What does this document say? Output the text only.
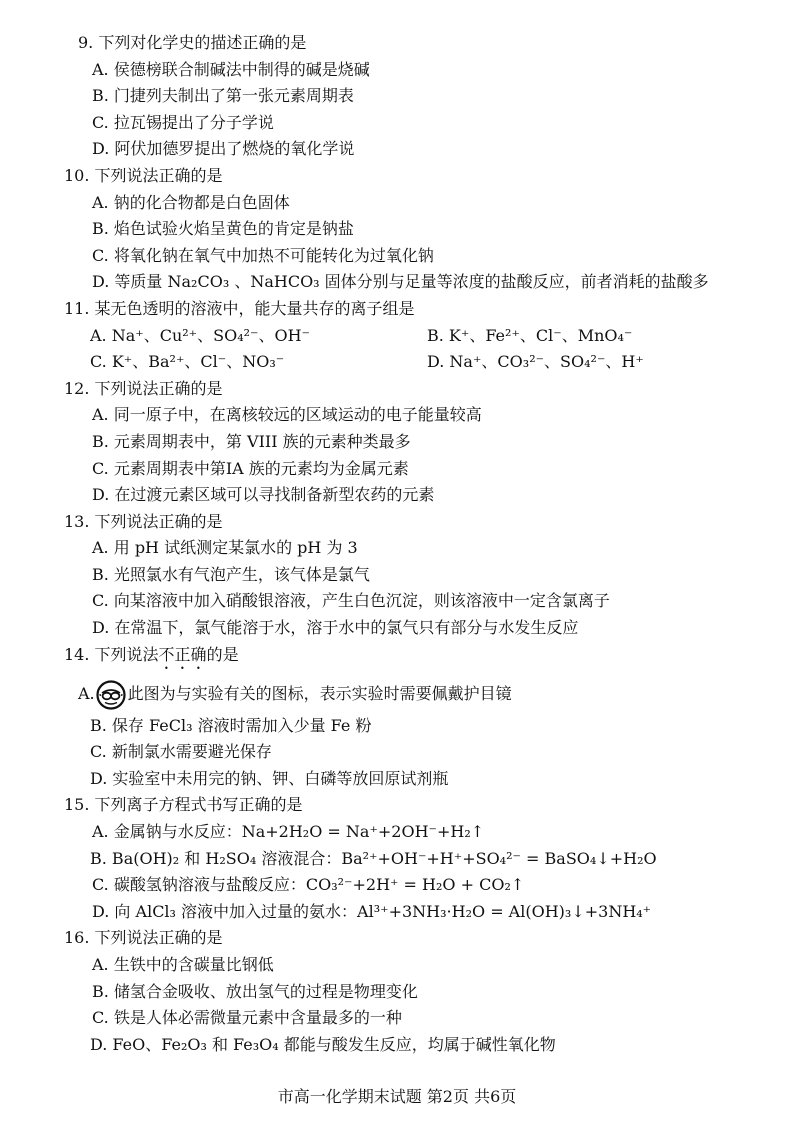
9. 下列对化学史的描述正确的是
A. 侯德榜联合制碱法中制得的碱是烧碱
B. 门捷列夫制出了第一张元素周期表
C. 拉瓦锡提出了分子学说
D. 阿伏加德罗提出了燃烧的氧化学说
10. 下列说法正确的是
A. 钠的化合物都是白色固体
B. 焰色试验火焰呈黄色的肯定是钠盐
C. 将氧化钠在氧气中加热不可能转化为过氧化钠
D. 等质量 Na₂CO₃ 、NaHCO₃ 固体分别与足量等浓度的盐酸反应，前者消耗的盐酸多
11. 某无色透明的溶液中，能大量共存的离子组是
A. Na⁺、Cu²⁺、SO₄²⁻、OH⁻	B. K⁺、Fe²⁺、Cl⁻、MnO₄⁻
C. K⁺、Ba²⁺、Cl⁻、NO₃⁻	D. Na⁺、CO₃²⁻、SO₄²⁻、H⁺
12. 下列说法正确的是
A. 同一原子中，在离核较远的区域运动的电子能量较高
B. 元素周期表中，第 VIII 族的元素种类最多
C. 元素周期表中第ⅠA 族的元素均为金属元素
D. 在过渡元素区域可以寻找制备新型农药的元素
13. 下列说法正确的是
A. 用 pH 试纸测定某氯水的 pH 为 3
B. 光照氯水有气泡产生，该气体是氯气
C. 向某溶液中加入硝酸银溶液，产生白色沉淀，则该溶液中一定含氯离子
D. 在常温下，氯气能溶于水，溶于水中的氯气只有部分与水发生反应
14. 下列说法不正确的是
A. 此图为与实验有关的图标，表示实验时需要佩戴护目镜
B. 保存 FeCl₃ 溶液时需加入少量 Fe 粉
C. 新制氯水需要避光保存
D. 实验室中未用完的钠、钾、白磷等放回原试剂瓶
15. 下列离子方程式书写正确的是
A. 金属钠与水反应：Na+2H₂O = Na⁺+2OH⁻+H₂↑
B. Ba(OH)₂ 和 H₂SO₄ 溶液混合：Ba²⁺+OH⁻+H⁺+SO₄²⁻ = BaSO₄↓+H₂O
C. 碳酸氢钠溶液与盐酸反应：CO₃²⁻+2H⁺ = H₂O + CO₂↑
D. 向 AlCl₃ 溶液中加入过量的氨水：Al³⁺+3NH₃·H₂O = Al(OH)₃↓+3NH₄⁺
16. 下列说法正确的是
A. 生铁中的含碳量比钢低
B. 储氢合金吸收、放出氢气的过程是物理变化
C. 铁是人体必需微量元素中含量最多的一种
D. FeO、Fe₂O₃ 和 Fe₃O₄ 都能与酸发生反应，均属于碱性氧化物
市高一化学期末试题 第2页 共6页
